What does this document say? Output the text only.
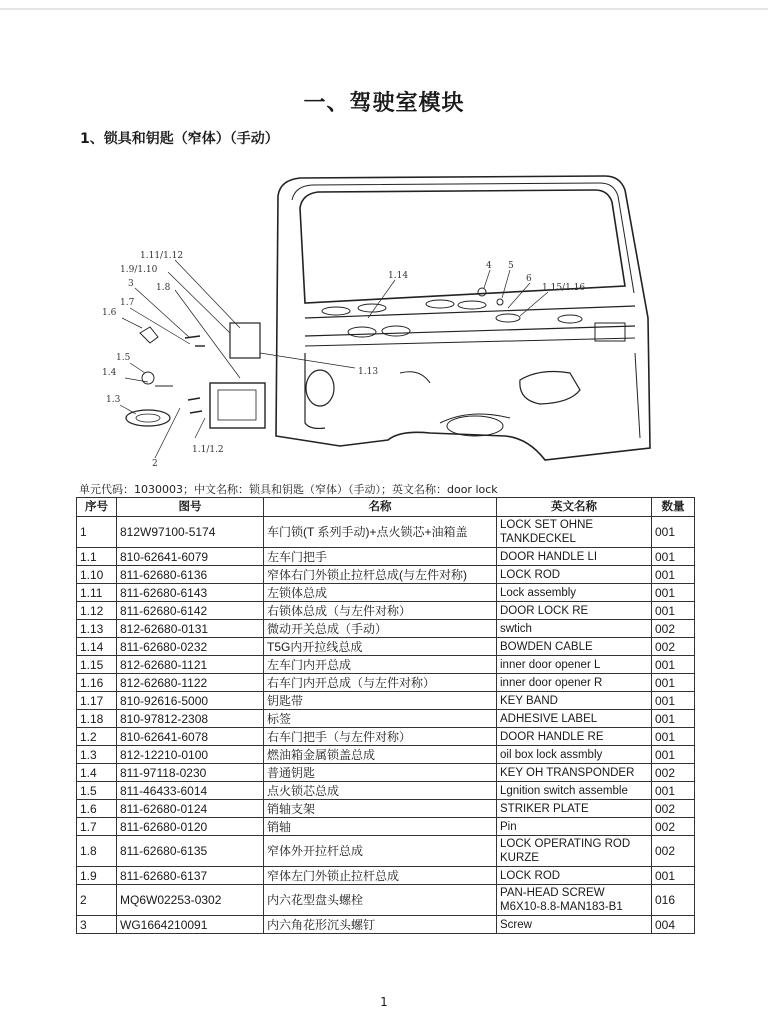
一、驾驶室模块
1、锁具和钥匙（窄体）（手动）
1.11/1.12
1.9/1.10
3 1.8
1.7
1.6
1.5
1.4
1.3
2
1.1/1.2
1.13
1.14
4 5
6
1.15/1.16
单元代码：1030003；中文名称：锁具和钥匙（窄体）（手动）；英文名称：door lock
序号	图号	名称	英文名称	数量
1	812W97100-5174	车门锁(T 系列手动)+点火锁芯+油箱盖	LOCK SET OHNE TANKDECKEL	001
1.1	810-62641-6079	左车门把手	DOOR HANDLE LI	001
1.10	811-62680-6136	窄体右门外锁止拉杆总成(与左件对称)	LOCK ROD	001
1.11	811-62680-6143	左锁体总成	Lock assembly	001
1.12	811-62680-6142	右锁体总成（与左件对称）	DOOR LOCK RE	001
1.13	812-62680-0131	微动开关总成（手动）	swtich	002
1.14	811-62680-0232	T5G内开拉线总成	BOWDEN CABLE	002
1.15	812-62680-1121	左车门内开总成	inner door opener L	001
1.16	812-62680-1122	右车门内开总成（与左件对称）	inner door opener R	001
1.17	810-92616-5000	钥匙带	KEY BAND	001
1.18	810-97812-2308	标签	ADHESIVE LABEL	001
1.2	810-62641-6078	右车门把手（与左件对称）	DOOR HANDLE RE	001
1.3	812-12210-0100	燃油箱金属锁盖总成	oil box lock assmbly	001
1.4	811-97118-0230	普通钥匙	KEY OH TRANSPONDER	002
1.5	811-46433-6014	点火锁芯总成	Lgnition switch assemble	001
1.6	811-62680-0124	销轴支架	STRIKER PLATE	002
1.7	811-62680-0120	销轴	Pin	002
1.8	811-62680-6135	窄体外开拉杆总成	LOCK OPERATING ROD KURZE	002
1.9	811-62680-6137	窄体左门外锁止拉杆总成	LOCK ROD	001
2	MQ6W02253-0302	内六花型盘头螺栓	PAN-HEAD SCREW M6X10-8.8-MAN183-B1	016
3	WG1664210091	内六角花形沉头螺钉	Screw	004
1
